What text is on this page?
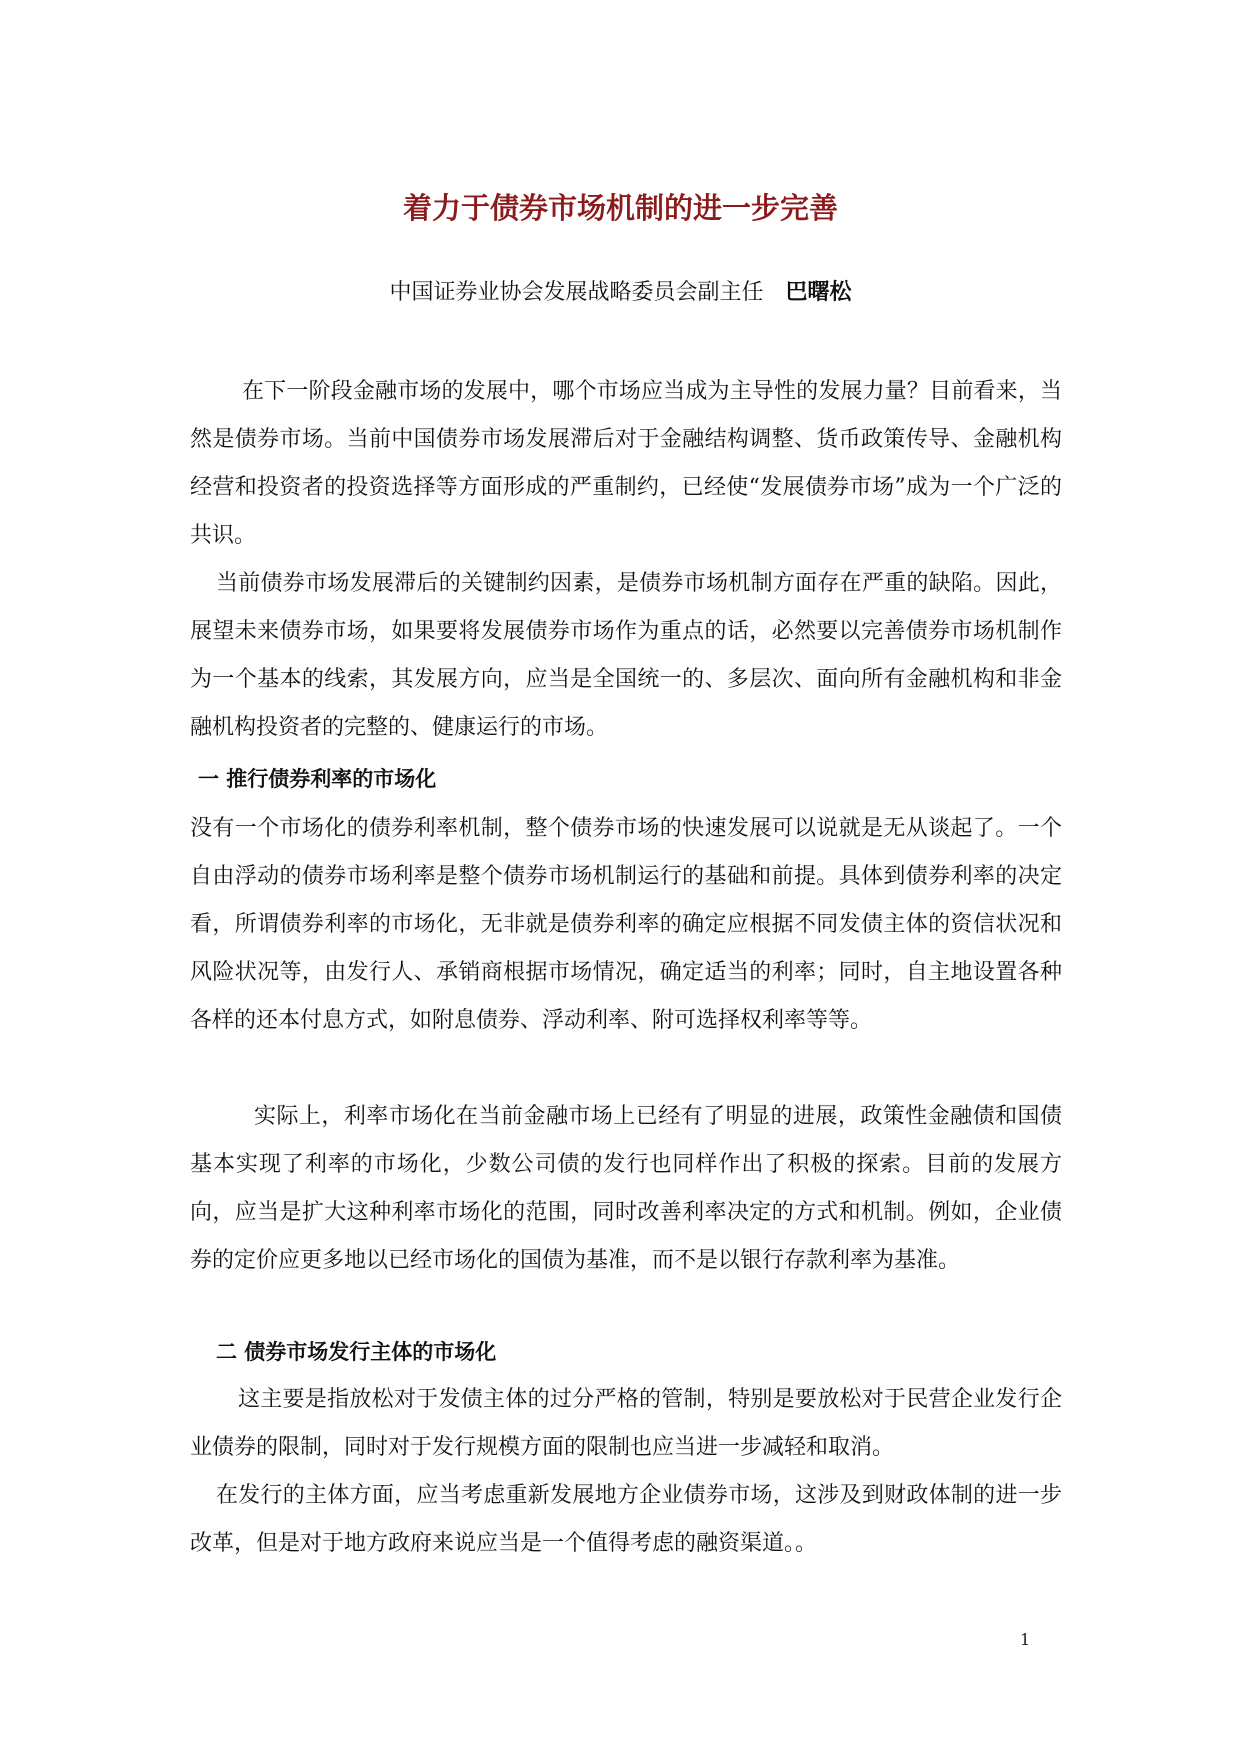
着力于债券市场机制的进一步完善
中国证券业协会发展战略委员会副主任 巴曙松
在下一阶段金融市场的发展中，哪个市场应当成为主导性的发展力量？目前看来，当然是债券市场。当前中国债券市场发展滞后对于金融结构调整、货币政策传导、金融机构经营和投资者的投资选择等方面形成的严重制约，已经使“发展债券市场”成为一个广泛的共识。
当前债券市场发展滞后的关键制约因素，是债券市场机制方面存在严重的缺陷。因此，展望未来债券市场，如果要将发展债券市场作为重点的话，必然要以完善债券市场机制作为一个基本的线索，其发展方向，应当是全国统一的、多层次、面向所有金融机构和非金融机构投资者的完整的、健康运行的市场。
一 推行债券利率的市场化
没有一个市场化的债券利率机制，整个债券市场的快速发展可以说就是无从谈起了。一个自由浮动的债券市场利率是整个债券市场机制运行的基础和前提。具体到债券利率的决定看，所谓债券利率的市场化，无非就是债券利率的确定应根据不同发债主体的资信状况和风险状况等，由发行人、承销商根据市场情况，确定适当的利率；同时，自主地设置各种各样的还本付息方式，如附息债券、浮动利率、附可选择权利率等等。
实际上，利率市场化在当前金融市场上已经有了明显的进展，政策性金融债和国债基本实现了利率的市场化，少数公司债的发行也同样作出了积极的探索。目前的发展方向，应当是扩大这种利率市场化的范围，同时改善利率决定的方式和机制。例如，企业债券的定价应更多地以已经市场化的国债为基准，而不是以银行存款利率为基准。
二 债券市场发行主体的市场化
这主要是指放松对于发债主体的过分严格的管制，特别是要放松对于民营企业发行企业债券的限制，同时对于发行规模方面的限制也应当进一步减轻和取消。
在发行的主体方面，应当考虑重新发展地方企业债券市场，这涉及到财政体制的进一步改革，但是对于地方政府来说应当是一个值得考虑的融资渠道。。
1
